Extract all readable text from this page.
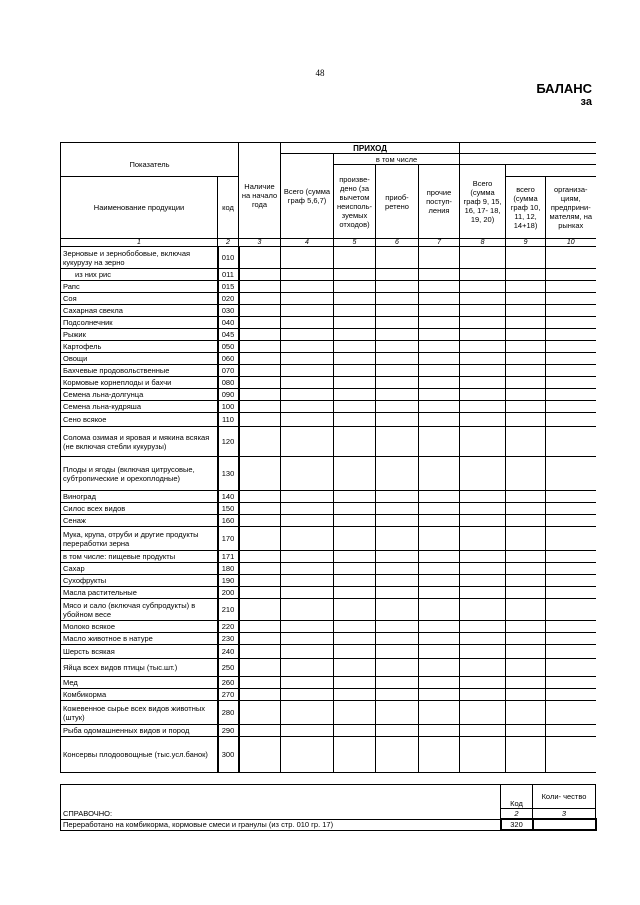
48
БАЛАНС
за
			ПРИХОД						
Показатель		Наличие на начало года	Всего (сумма граф 5,6,7)	в том числе					
				произве- дено (за вычетом неисполь- зуемых отходов)	приоб- ретено	прочие поступ- ления	Всего (сумма граф 9, 15, 16, 17- 18, 19, 20)		
Наименование продукции	код							всего (сумма граф 10, 11, 12, 14+18)	организа- циям, предприни- мателям, на рынках
1	2	3	4	5	6	7	8	9	10
Зерновые и зернобобовые, включая кукурузу на зерно	010								
из них рис	011								
Рапс	015								
Соя	020								
Сахарная свекла	030								
Подсолнечник	040								
Рыжик	045								
Картофель	050								
Овощи	060								
Бахчевые продовольственные	070								
Кормовые корнеплоды и бахчи	080								
Семена льна-долгунца	090								
Семена льна-кудряша	100								
Сено всякое	110								
Солома озимая и яровая и мякина всякая (не включая стебли кукурузы)	120								
Плоды и ягоды (включая цитрусовые, субтропические и орехоплодные)	130								
Виноград	140								
Силос всех видов	150								
Сенаж	160								
Мука, крупа, отруби и другие продукты переработки зерна	170								
в том числе: пищевые продукты	171								
Сахар	180								
Сухофрукты	190								
Масла растительные	200								
Мясо и сало (включая субпродукты) в убойном весе	210								
Молоко всякое	220								
Масло животное в натуре	230								
Шерсть всякая	240								
Яйца всех видов птицы (тыс.шт.)	250								
Мед	260								
Комбикорма	270								
Кожевенное сырье всех видов животных (штук)	280								
Рыба одомашненных видов и пород	290								
Консервы плодоовощные (тыс.усл.банок)	300								
	Код	Коли- чество
СПРАВОЧНО:	2	3
Переработано на комбикорма, кормовые смеси и гранулы (из стр. 010 гр. 17)	320	
